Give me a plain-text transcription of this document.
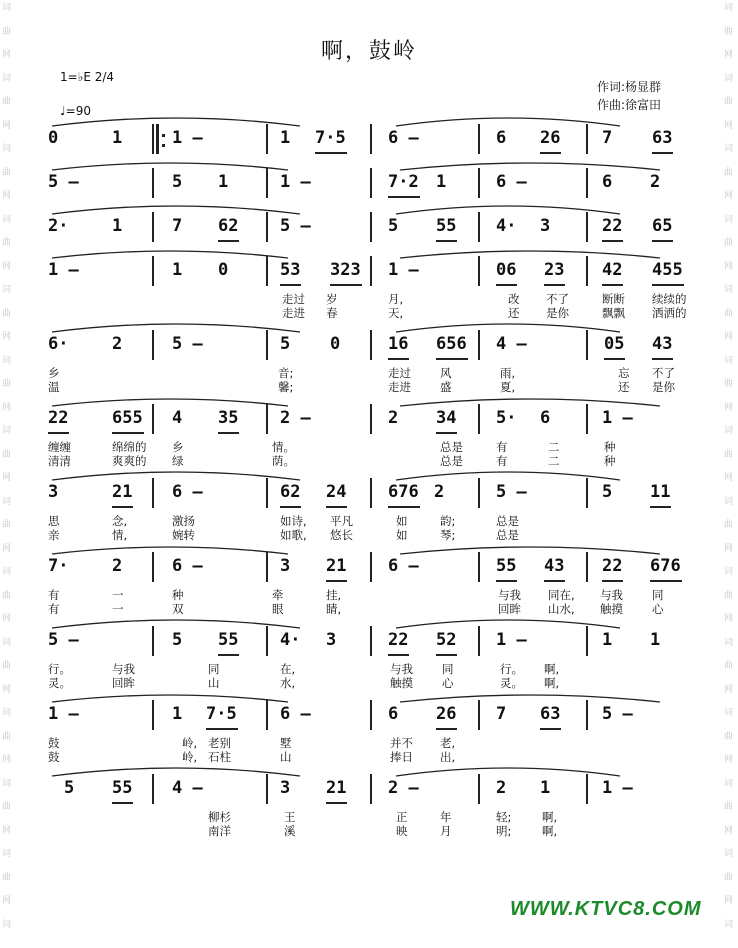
词
曲
网
词
曲
网
词
曲
网
词
曲
网
词
曲
网
词
曲
网
词
曲
网
词
曲
网
词
曲
网
词
曲
网
词
曲
网
词
曲
网
词
曲
网
词
词
曲
网
词
曲
网
词
曲
网
词
曲
网
词
曲
网
词
曲
网
词
曲
网
词
曲
网
词
曲
网
词
曲
网
词
曲
网
词
曲
网
词
曲
网
词
啊，鼓岭
1=♭E 2/4
♩=90
作词:杨显群
作曲:徐富田
0	1	1 –	1 7·5 6 –	6 26 7 63
5 –	5 1	1 –	1
7·2	6 –	6 2
2·	1	7 62 5 –	5 55 4· 3	22 65
1 –	1 0	53 323 1 –	06 23 42 455
走过 岁	月,	改 不了	断断 续续的
走进 春	天,	还 是你	飘飘 洒洒的
6·	2	5 –	5 0	16 656 4 –	05 43
乡	音;	走过	风	雨,	忘 不了
温	馨;	走进	盛	夏,	还 是你
22	655 4 35 2 –	2 34 5· 6	1 –
缠缠	绵绵的 乡	情。	总是	有	二	种
清清	爽爽的 绿	荫。	总是	有	二	种
3	21 6 –	62 24 676 2	5 –	5 11
思	念,	激扬	如诗, 平凡	如	韵;	总是
亲	情,	婉转	如歌, 悠长	如	琴;	总是
7·	2	6 –	3 21 6 –	55 43 22 676
有	一	种	牵	挂,	与我 同在, 与我	同
有	一	双	眼	睛,	回眸 山水, 触摸	心
5 –	5 55 4· 3	22 52 1 –	1 1
行。	与我	同	在,	与我	同	行。 啊,
灵。	回眸	山	水,	触摸	心	灵。 啊,
1 –	1 7·5	6 –	6 26 7 63 5 –
鼓	岭, 老别	墅	并不 老,
鼓	岭, 石柱	山	捧日 出,
5 55 4 –	3 21 2 –	2 1	1 –
柳杉	王	正	年	轻;	啊,
南洋	溪	映	月	明;	啊,
WWW.KTVC8.COM
